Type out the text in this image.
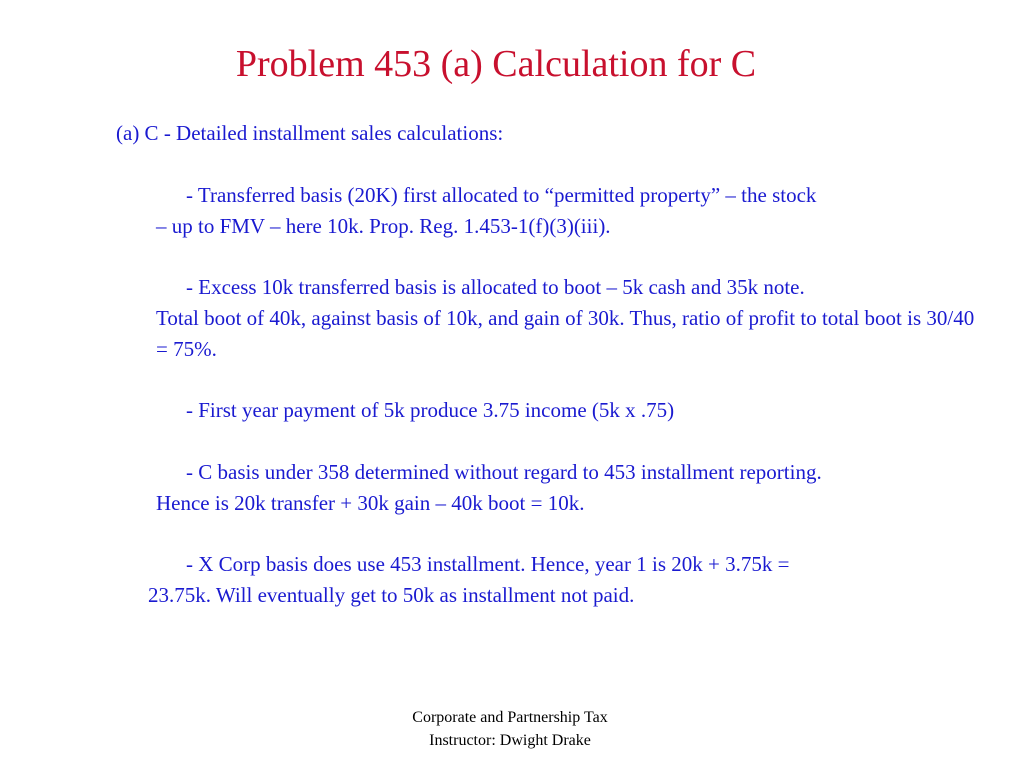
Problem 453 (a) Calculation for C
(a) C - Detailed installment sales calculations:
- Transferred basis (20K) first allocated to “permitted property” – the stock
– up to FMV – here 10k. Prop. Reg. 1.453-1(f)(3)(iii).
- Excess 10k transferred basis is allocated to boot – 5k cash and 35k note.
Total boot of 40k, against basis of 10k, and gain of 30k. Thus, ratio of profit to total boot is 30/40 = 75%.
- First year payment of 5k produce 3.75 income (5k x .75)
- C basis under 358 determined without regard to 453 installment reporting.
Hence is 20k transfer + 30k gain – 40k boot = 10k.
- X Corp basis does use 453 installment. Hence, year 1 is 20k + 3.75k =
23.75k. Will eventually get to 50k as installment not paid.
Corporate and Partnership Tax
Instructor: Dwight Drake
